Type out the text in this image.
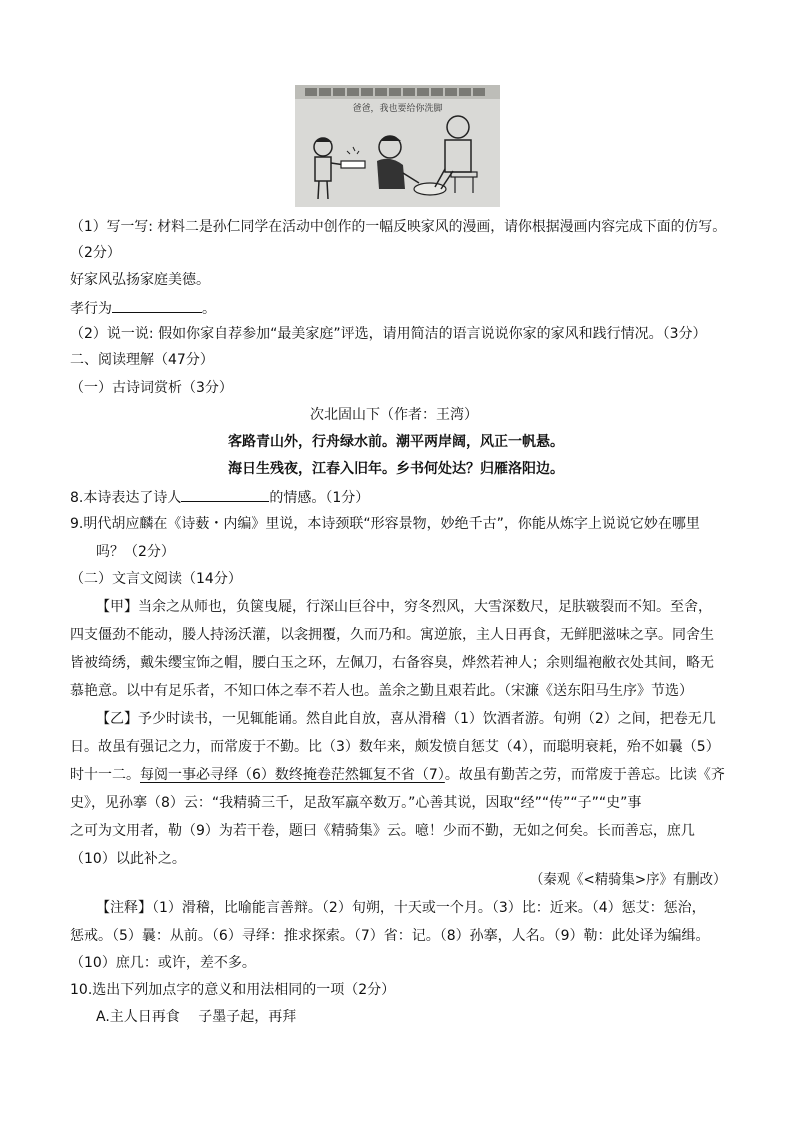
爸爸，我也要给你洗脚
（1）写一写: 材料二是孙仁同学在活动中创作的一幅反映家风的漫画，请你根据漫画内容完成下面的仿写。
（2分）
好家风弘扬家庭美德。
孝行为	。
（2）说一说: 假如你家自荐参加“最美家庭”评选，请用简洁的语言说说你家的家风和践行情况。（3分）
二、阅读理解（47分）
（一）古诗词赏析（3分）
次北固山下（作者：王湾）
客路青山外，行舟绿水前。潮平两岸阔，风正一帆悬。
海日生残夜，江春入旧年。乡书何处达？归雁洛阳边。
8.本诗表达了诗人	的情感。（1分）
9.明代胡应麟在《诗薮・内编》里说，本诗颈联“形容景物，妙绝千古”，你能从炼字上说说它妙在哪里
吗？（2分）
（二）文言文阅读（14分）
【甲】当余之从师也，负箧曳屣，行深山巨谷中，穷冬烈风，大雪深数尺，足肤皲裂而不知。至舍，
四支僵劲不能动，媵人持汤沃灌，以衾拥覆，久而乃和。寓逆旅，主人日再食，无鲜肥滋味之享。同舍生
皆被绮绣，戴朱缨宝饰之帽，腰白玉之环，左佩刀，右备容臭，烨然若神人；余则缊袍敝衣处其间，略无
慕艳意。以中有足乐者，不知口体之奉不若人也。盖余之勤且艰若此。（宋濂《送东阳马生序》节选）
【乙】予少时读书，一见辄能诵。然自此自放，喜从滑稽（1）饮酒者游。旬朔（2）之间，把卷无几
日。故虽有强记之力，而常废于不勤。比（3）数年来，颇发愤自惩艾（4），而聪明衰耗，殆不如曩（5）
时十一二。每阅一事必寻绎（6）数终掩卷茫然辄复不省（7）。故虽有勤苦之劳，而常废于善忘。比读《齐
史》，见孙搴（8）云：“我精骑三千，足敌军羸卒数万。”心善其说，因取“经”“传”“子”“史”事
之可为文用者，勒（9）为若干卷，题曰《精骑集》云。噫！少而不勤，无如之何矣。长而善忘，庶几
（10）以此补之。
（秦观《<精骑集>序》有删改）
【注释】（1）滑稽，比喻能言善辩。（2）旬朔，十天或一个月。（3）比：近来。（4）惩艾：惩治，
惩戒。（5）曩：从前。（6）寻绎：推求探索。（7）省：记。（8）孙搴，人名。（9）勒：此处译为编缉。
（10）庶几：或许，差不多。
10.选出下列加点字的意义和用法相同的一项（2分）
A.主人日再食　 子墨子起，再拜
